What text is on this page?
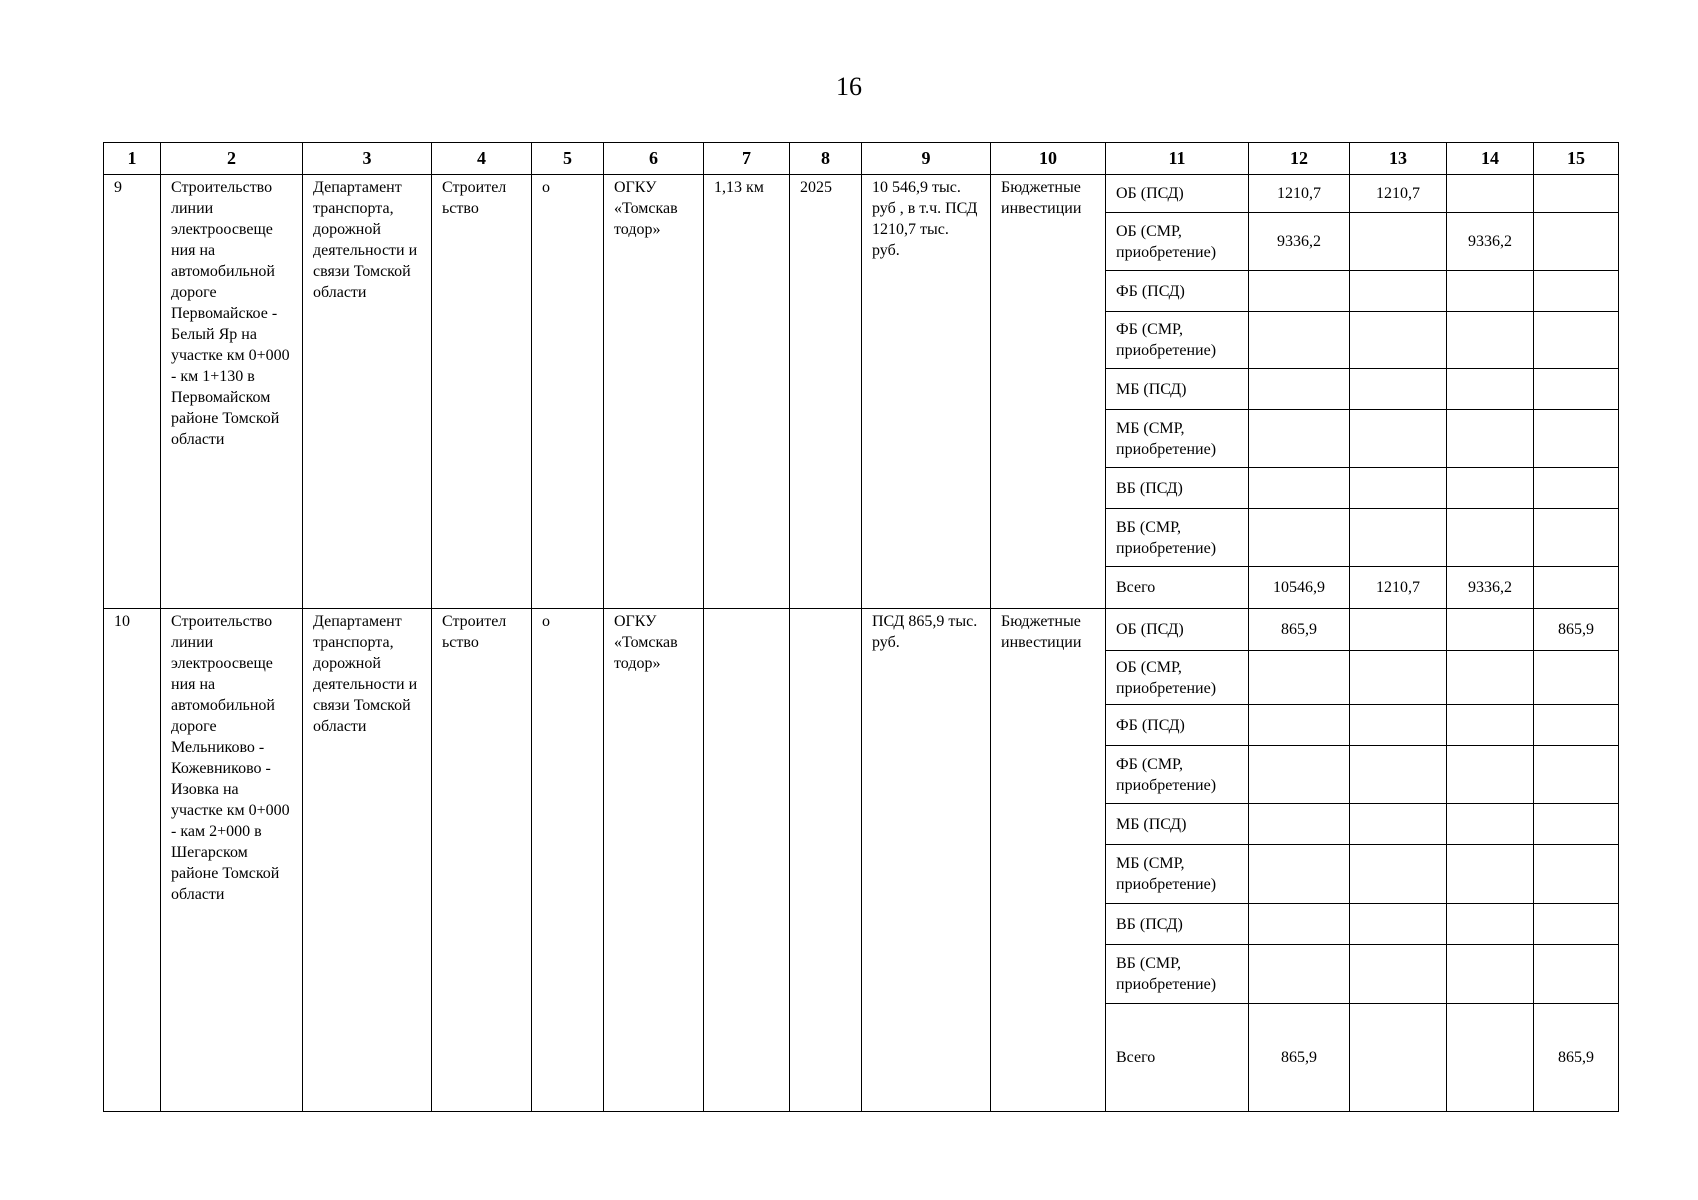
16
1	2	3	4	5	6	7	8	9	10	11	12	13	14	15
9	Строительство линии электроосвеще ния на автомобильной дороге Первомайское - Белый Яр на участке км 0+000 - км 1+130 в Первомайском районе Томской области	Департамент транспорта, дорожной деятельности и связи Томской области	Строител ьство	о	ОГКУ «Томскав тодор»	1,13 км	2025	10 546,9 тыс. руб , в т.ч. ПСД 1210,7 тыс. руб.	Бюджетные инвестиции	ОБ (ПСД)	1210,7	1210,7		
										ОБ (СМР, приобретение)	9336,2		9336,2	
										ФБ (ПСД)				
										ФБ (СМР, приобретение)				
										МБ (ПСД)				
										МБ (СМР, приобретение)				
										ВБ (ПСД)				
										ВБ (СМР, приобретение)				
										Всего	10546,9	1210,7	9336,2	
10	Строительство линии электроосвеще ния на автомобильной дороге Мельниково - Кожевниково - Изовка на участке км 0+000 - кам 2+000 в Шегарском районе Томской области	Департамент транспорта, дорожной деятельности и связи Томской области	Строител ьство	о	ОГКУ «Томскав тодор»			ПСД 865,9 тыс. руб.	Бюджетные инвестиции	ОБ (ПСД)	865,9			865,9
										ОБ (СМР, приобретение)				
										ФБ (ПСД)				
										ФБ (СМР, приобретение)				
										МБ (ПСД)				
										МБ (СМР, приобретение)				
										ВБ (ПСД)				
										ВБ (СМР, приобретение)				
										Всего	865,9			865,9
